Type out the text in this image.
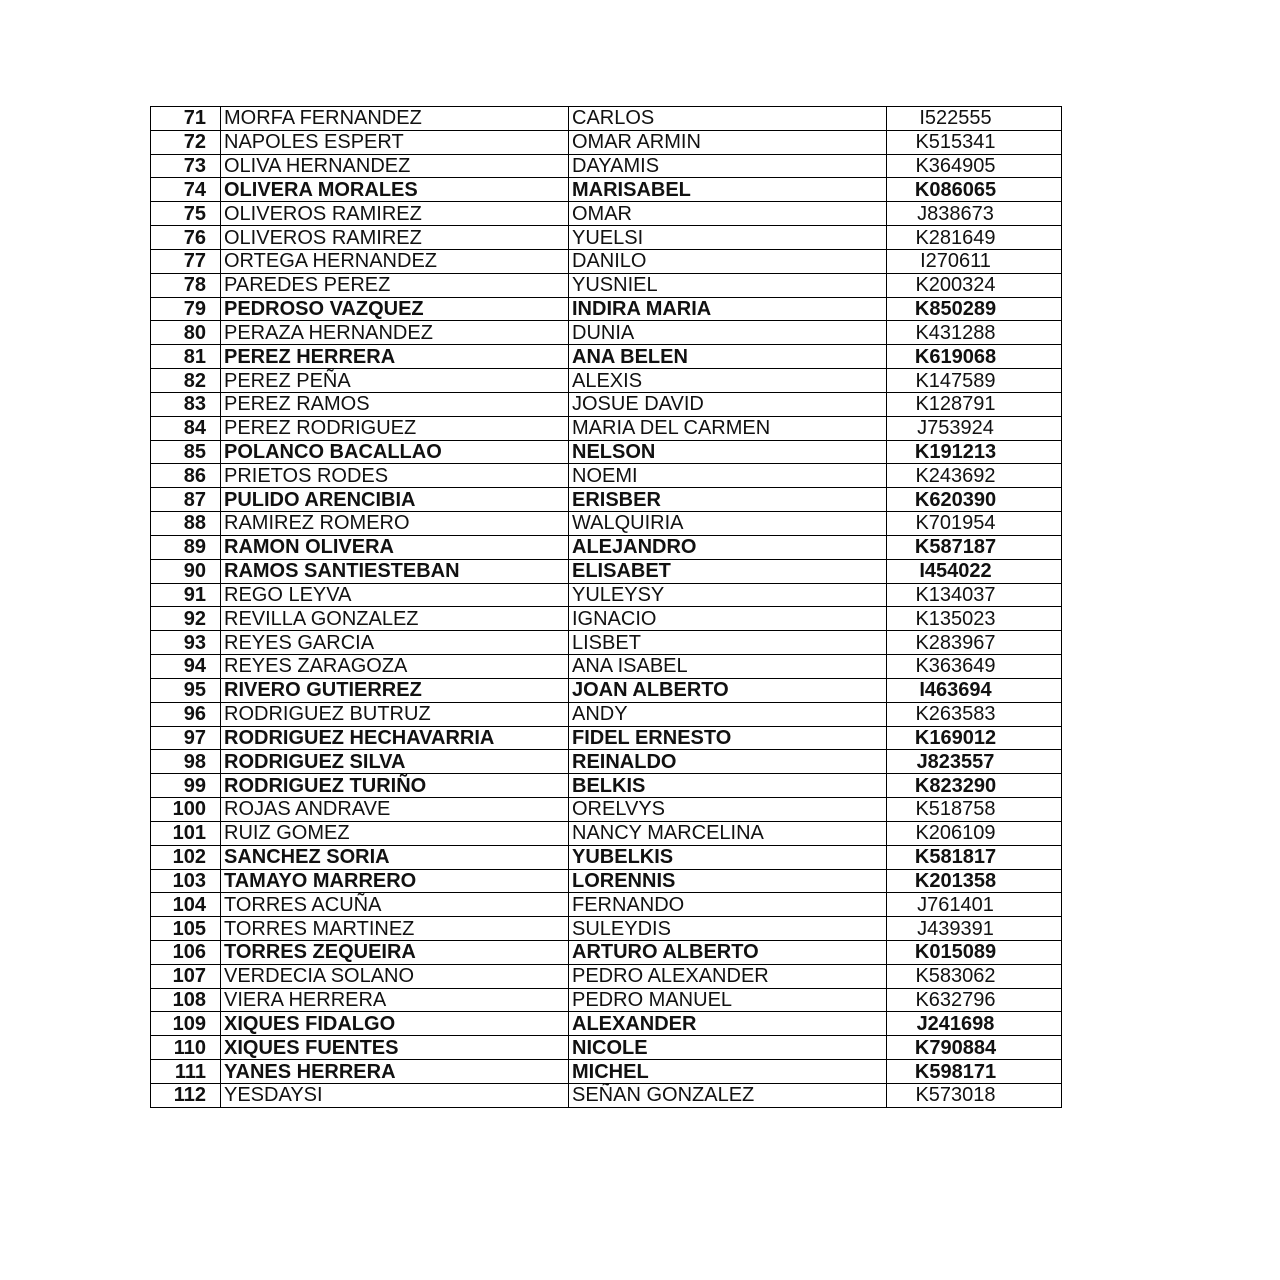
71	MORFA FERNANDEZ	CARLOS	I522555
72	NAPOLES ESPERT	OMAR ARMIN	K515341
73	OLIVA HERNANDEZ	DAYAMIS	K364905
74	OLIVERA MORALES	MARISABEL	K086065
75	OLIVEROS RAMIREZ	OMAR	J838673
76	OLIVEROS RAMIREZ	YUELSI	K281649
77	ORTEGA HERNANDEZ	DANILO	I270611
78	PAREDES PEREZ	YUSNIEL	K200324
79	PEDROSO VAZQUEZ	INDIRA MARIA	K850289
80	PERAZA HERNANDEZ	DUNIA	K431288
81	PEREZ HERRERA	ANA BELEN	K619068
82	PEREZ PEÑA	ALEXIS	K147589
83	PEREZ RAMOS	JOSUE DAVID	K128791
84	PEREZ RODRIGUEZ	MARIA DEL CARMEN	J753924
85	POLANCO BACALLAO	NELSON	K191213
86	PRIETOS RODES	NOEMI	K243692
87	PULIDO ARENCIBIA	ERISBER	K620390
88	RAMIREZ ROMERO	WALQUIRIA	K701954
89	RAMON OLIVERA	ALEJANDRO	K587187
90	RAMOS SANTIESTEBAN	ELISABET	I454022
91	REGO LEYVA	YULEYSY	K134037
92	REVILLA GONZALEZ	IGNACIO	K135023
93	REYES GARCIA	LISBET	K283967
94	REYES ZARAGOZA	ANA ISABEL	K363649
95	RIVERO GUTIERREZ	JOAN ALBERTO	I463694
96	RODRIGUEZ BUTRUZ	ANDY	K263583
97	RODRIGUEZ HECHAVARRIA	FIDEL ERNESTO	K169012
98	RODRIGUEZ SILVA	REINALDO	J823557
99	RODRIGUEZ TURIÑO	BELKIS	K823290
100	ROJAS ANDRAVE	ORELVYS	K518758
101	RUIZ GOMEZ	NANCY MARCELINA	K206109
102	SANCHEZ SORIA	YUBELKIS	K581817
103	TAMAYO MARRERO	LORENNIS	K201358
104	TORRES ACUÑA	FERNANDO	J761401
105	TORRES MARTINEZ	SULEYDIS	J439391
106	TORRES ZEQUEIRA	ARTURO ALBERTO	K015089
107	VERDECIA SOLANO	PEDRO ALEXANDER	K583062
108	VIERA HERRERA	PEDRO MANUEL	K632796
109	XIQUES FIDALGO	ALEXANDER	J241698
110	XIQUES FUENTES	NICOLE	K790884
111	YANES HERRERA	MICHEL	K598171
112	YESDAYSI	SEÑAN GONZALEZ	K573018
